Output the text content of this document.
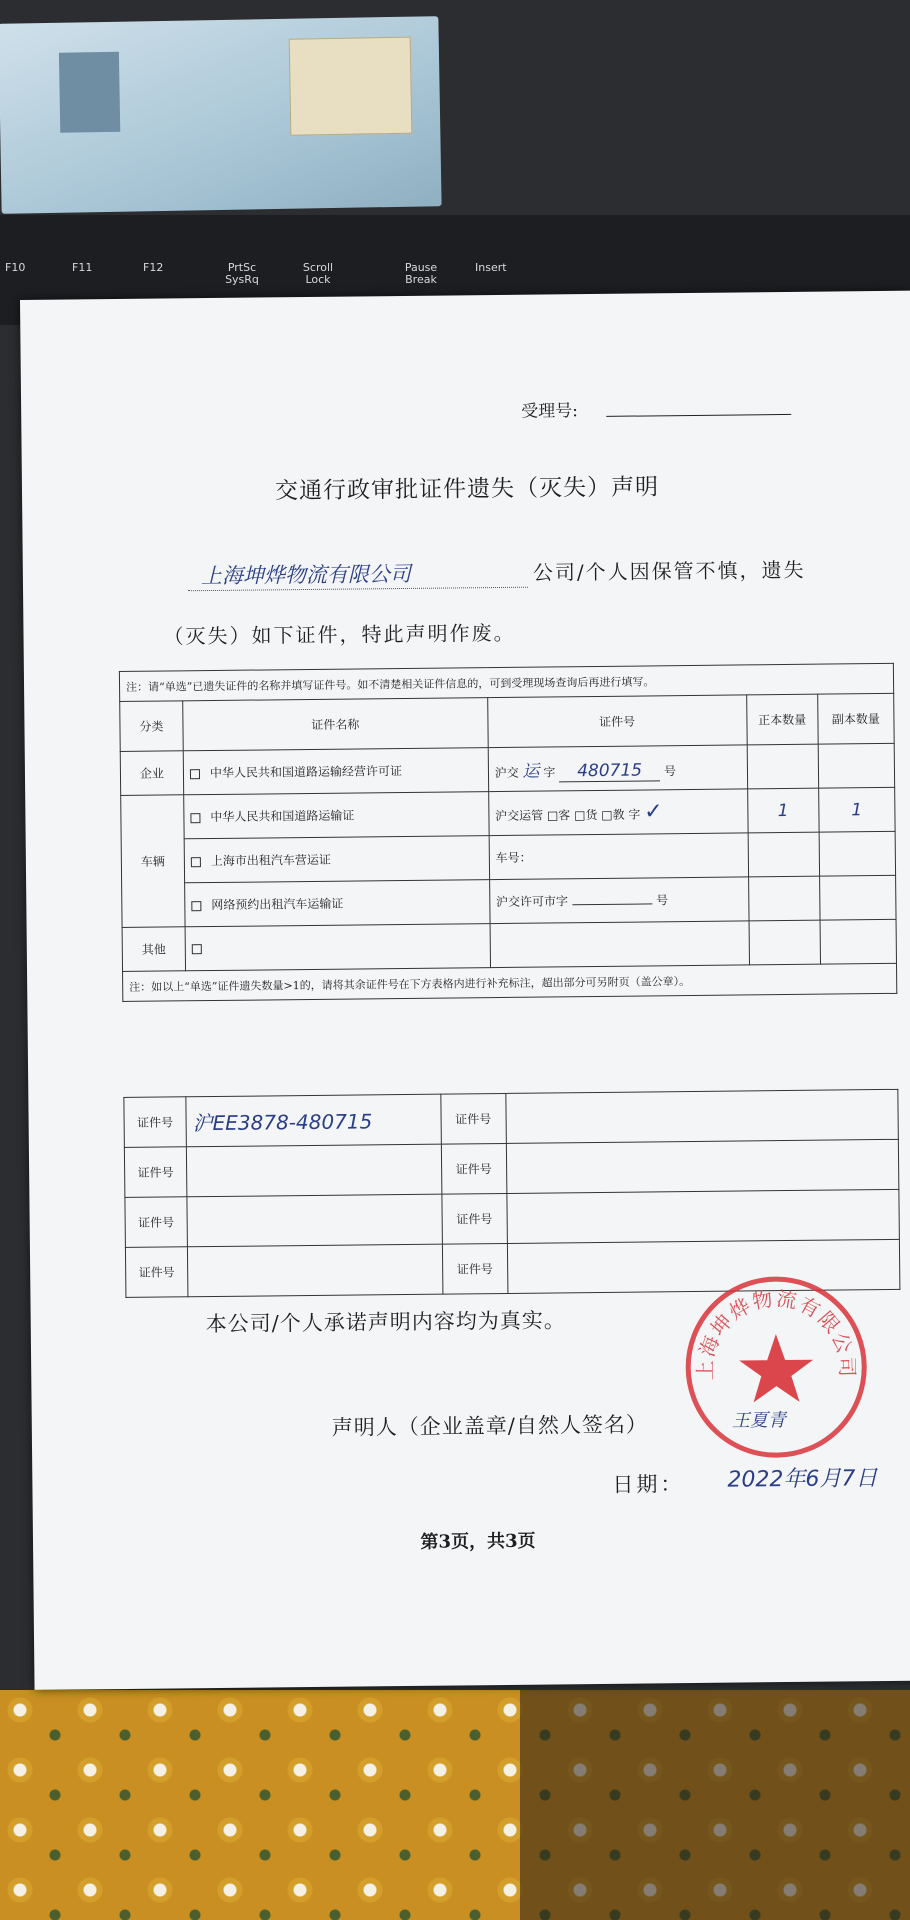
F10	F11	F12	PrtSc SysRq
Scroll Lock
Pause Break
Insert
受理号:
交通行政审批证件遗失（灭失）声明
上海坤烨物流有限公司	公司/个人因保管不慎，遗失
（灭失）如下证件，特此声明作废。
注：请“单选”已遗失证件的名称并填写证件号。如不清楚相关证件信息的，可到受理现场查询后再进行填写。				
分类	证件名称	证件号	正本数量	副本数量
企业	中华人民共和国道路运输经营许可证	沪交 运 字 480715 号		
车辆	中华人民共和国道路运输证	沪交运管 □客 □货 □教 字 ✓	1	1
	上海市出租汽车营运证	车号：		
	网络预约出租汽车运输证	沪交许可市字 号		
其他				
注：如以上“单选”证件遗失数量>1的，请将其余证件号在下方表格内进行补充标注，超出部分可另附页（盖公章）。				
证件号	沪EE3878-480715	证件号	
证件号		证件号	
证件号		证件号	
证件号		证件号	
本公司/个人承诺声明内容均为真实。
声明人（企业盖章/自然人签名）	王夏青
日期： 2022年6月7日
第3页，共3页
上海坤烨物流有限公司
